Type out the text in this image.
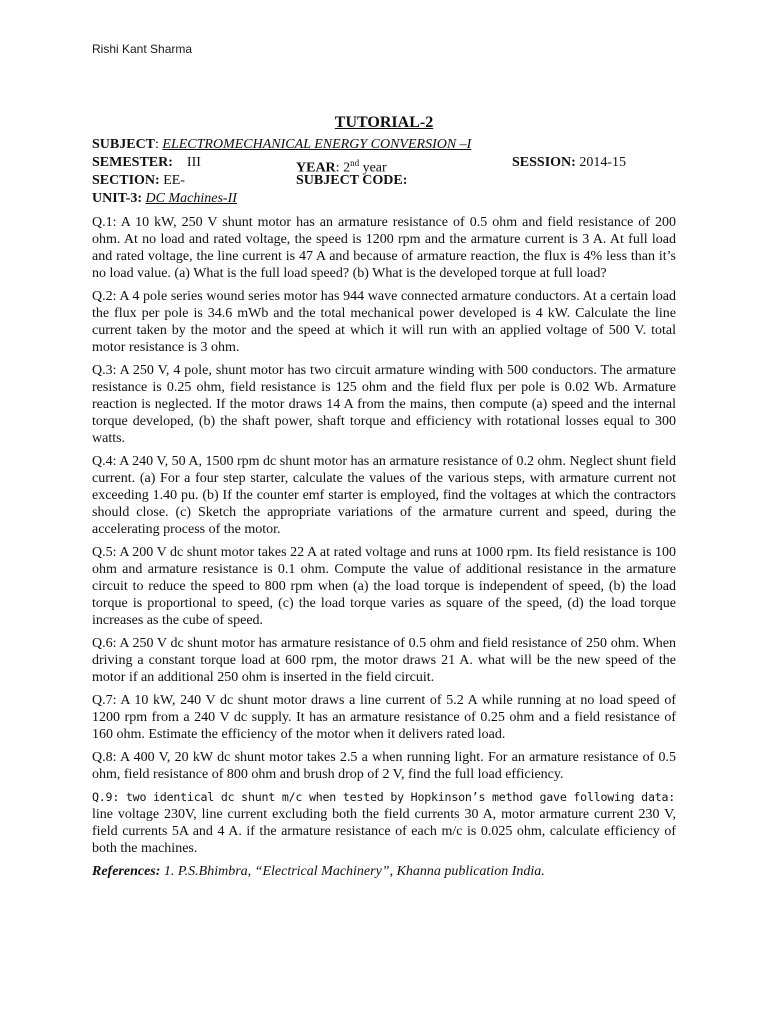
Rishi Kant Sharma
TUTORIAL-2
SUBJECT: ELECTROMECHANICAL ENERGY CONVERSION –I
SEMESTER: III	YEAR: 2nd year	SESSION: 2014-15
SECTION: EE-	SUBJECT CODE:
UNIT-3: DC Machines-II

Q.1: A 10 kW, 250 V shunt motor has an armature resistance of 0.5 ohm and field resistance of 200 ohm. At no load and rated voltage, the speed is 1200 rpm and the armature current is 3 A. At full load and rated voltage, the line current is 47 A and because of armature reaction, the flux is 4% less than it’s no load value. (a) What is the full load speed? (b) What is the developed torque at full load?

Q.2: A 4 pole series wound series motor has 944 wave connected armature conductors. At a certain load the flux per pole is 34.6 mWb and the total mechanical power developed is 4 kW. Calculate the line current taken by the motor and the speed at which it will run with an applied voltage of 500 V. total motor resistance is 3 ohm.

Q.3: A 250 V, 4 pole, shunt motor has two circuit armature winding with 500 conductors. The armature resistance is 0.25 ohm, field resistance is 125 ohm and the field flux per pole is 0.02 Wb. Armature reaction is neglected. If the motor draws 14 A from the mains, then compute (a) speed and the internal torque developed, (b) the shaft power, shaft torque and efficiency with rotational losses equal to 300 watts.

Q.4: A 240 V, 50 A, 1500 rpm dc shunt motor has an armature resistance of 0.2 ohm. Neglect shunt field current. (a) For a four step starter, calculate the values of the various steps, with armature current not exceeding 1.40 pu. (b) If the counter emf starter is employed, find the voltages at which the contractors should close. (c) Sketch the appropriate variations of the armature current and speed, during the accelerating process of the motor.

Q.5: A 200 V dc shunt motor takes 22 A at rated voltage and runs at 1000 rpm. Its field resistance is 100 ohm and armature resistance is 0.1 ohm. Compute the value of additional resistance in the armature circuit to reduce the speed to 800 rpm when (a) the load torque is independent of speed, (b) the load torque is proportional to speed, (c) the load torque varies as square of the speed, (d) the load torque increases as the cube of speed.

Q.6: A 250 V dc shunt motor has armature resistance of 0.5 ohm and field resistance of 250 ohm. When driving a constant torque load at 600 rpm, the motor draws 21 A. what will be the new speed of the motor if an additional 250 ohm is inserted in the field circuit.

Q.7: A 10 kW, 240 V dc shunt motor draws a line current of 5.2 A while running at no load speed of 1200 rpm from a 240 V dc supply. It has an armature resistance of 0.25 ohm and a field resistance of 160 ohm. Estimate the efficiency of the motor when it delivers rated load.

Q.8: A 400 V, 20 kW dc shunt motor takes 2.5 a when running light. For an armature resistance of 0.5 ohm, field resistance of 800 ohm and brush drop of 2 V, find the full load efficiency.

Q.9: two identical dc shunt m/c when tested by Hopkinson’s method gave following data:
line voltage 230V, line current excluding both the field currents 30 A, motor armature current 230 V, field currents 5A and 4 A. if the armature resistance of each m/c is 0.025 ohm, calculate efficiency of both the machines.
References: 1. P.S.Bhimbra, “Electrical Machinery”, Khanna publication India.
